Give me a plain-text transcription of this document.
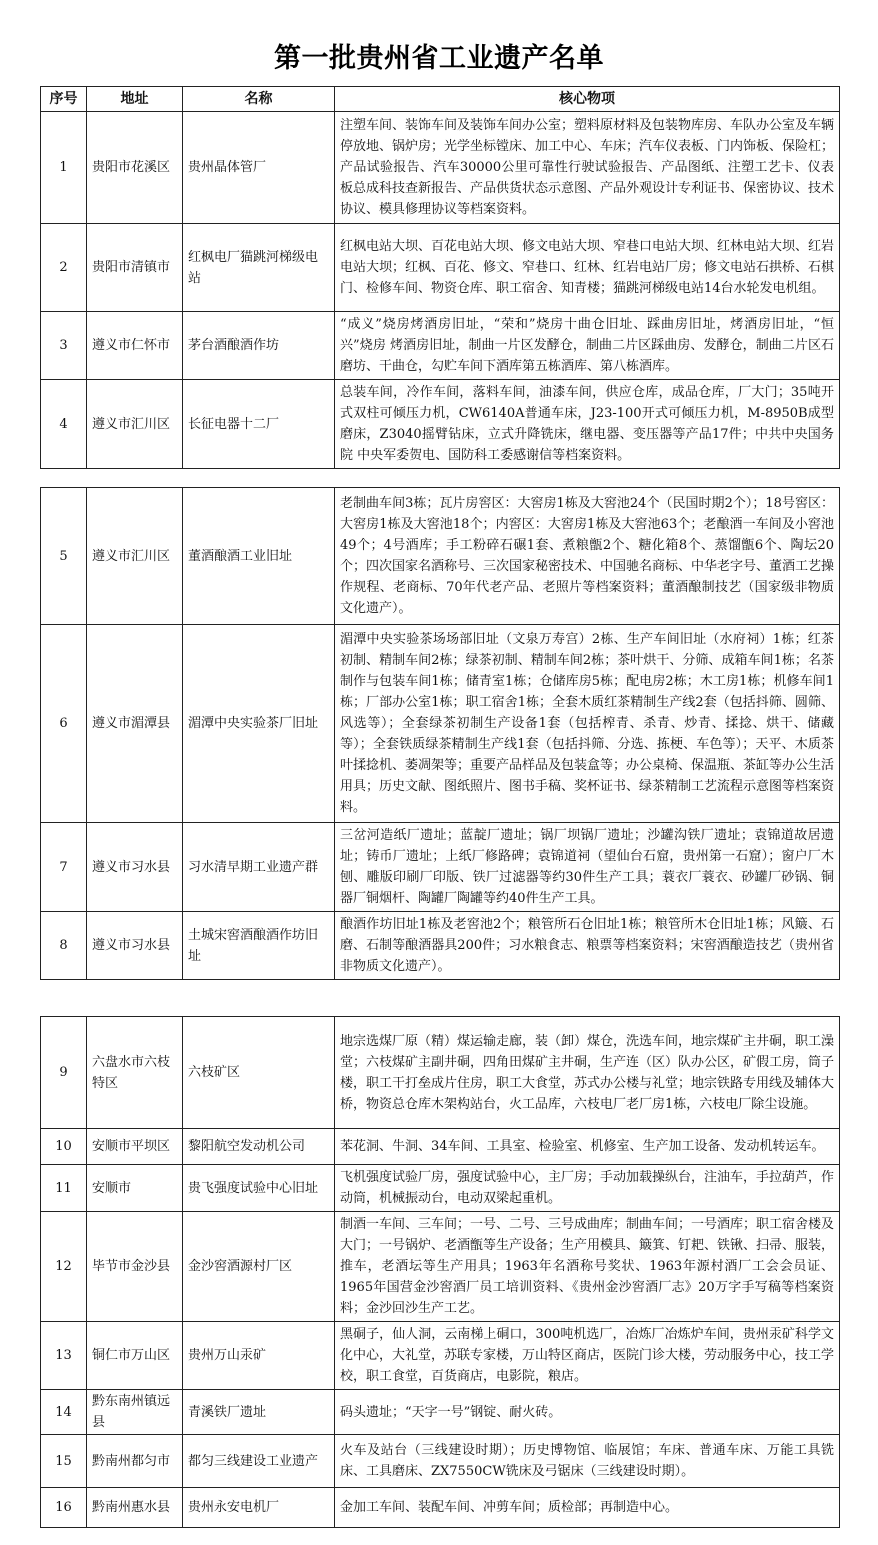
第一批贵州省工业遗产名单
序号	地址	名称	核心物项
1	贵阳市花溪区	贵州晶体管厂	注塑车间、装饰车间及装饰车间办公室；塑料原材料及包装物库房、车队办公室及车辆停放地、锅炉房；光学坐标镗床、加工中心、车床；汽车仪表板、门内饰板、保险杠；产品试验报告、汽车30000公里可靠性行驶试验报告、产品图纸、注塑工艺卡、仪表板总成科技查新报告、产品供货状态示意图、产品外观设计专利证书、保密协议、技术协议、模具修理协议等档案资料。
2	贵阳市清镇市	红枫电厂猫跳河梯级电站	红枫电站大坝、百花电站大坝、修文电站大坝、窄巷口电站大坝、红林电站大坝、红岩电站大坝；红枫、百花、修文、窄巷口、红林、红岩电站厂房；修文电站石拱桥、石棋门、检修车间、物资仓库、职工宿舍、知青楼；猫跳河梯级电站14台水轮发电机组。
3	遵义市仁怀市	茅台酒酿酒作坊	“成义”烧房烤酒房旧址，“荣和”烧房十曲仓旧址、踩曲房旧址，烤酒房旧址，“恒兴”烧房 烤酒房旧址，制曲一片区发酵仓，制曲二片区踩曲房、发酵仓，制曲二片区石磨坊、干曲仓，勾贮车间下酒库第五栋酒库、第八栋酒库。
4	遵义市汇川区	长征电器十二厂	总装车间，冷作车间，落料车间，油漆车间，供应仓库，成品仓库，厂大门；35吨开式双柱可倾压力机，CW6140A普通车床，J23-100开式可倾压力机，M-8950B成型磨床，Z3040摇臂钻床，立式升降铣床，继电器、变压器等产品17件；中共中央国务院 中央军委贺电、国防科工委感谢信等档案资料。
5	遵义市汇川区	董酒酿酒工业旧址	老制曲车间3栋；瓦片房窖区：大窖房1栋及大窖池24个（民国时期2个）；18号窖区：大窖房1栋及大窖池18个；内窖区：大窖房1栋及大窖池63个；老酿酒一车间及小窖池49个；4号酒库；手工粉碎石碾1套、煮粮甑2个、糖化箱8个、蒸馏甑6个、陶坛20个；四次国家名酒称号、三次国家秘密技术、中国驰名商标、中华老字号、董酒工艺操作规程、老商标、70年代老产品、老照片等档案资料；董酒酿制技艺（国家级非物质文化遗产）。
6	遵义市湄潭县	湄潭中央实验茶厂旧址	湄潭中央实验茶场场部旧址（文泉万寿宫）2栋、生产车间旧址（水府祠）1栋；红茶初制、精制车间2栋；绿茶初制、精制车间2栋；茶叶烘干、分筛、成箱车间1栋；名茶制作与包装车间1栋；储青室1栋；仓储库房5栋；配电房2栋；木工房1栋；机修车间1栋；厂部办公室1栋；职工宿舍1栋；全套木质红茶精制生产线2套（包括抖筛、圆筛、风选等）；全套绿茶初制生产设备1套（包括榨青、杀青、炒青、揉捻、烘干、储藏等）；全套铁质绿茶精制生产线1套（包括抖筛、分选、拣梗、车色等）；天平、木质茶叶揉捻机、萎凋架等；重要产品样品及包装盒等；办公桌椅、保温瓶、茶缸等办公生活用具；历史文献、图纸照片、图书手稿、奖杯证书、绿茶精制工艺流程示意图等档案资料。
7	遵义市习水县	习水清早期工业遗产群	三岔河造纸厂遗址；蓝靛厂遗址；锅厂坝锅厂遗址；沙罐沟铁厂遗址；袁锦道故居遗址；铸币厂遗址；上纸厂修路碑；袁锦道祠（望仙台石窟，贵州第一石窟）；窗户厂木刨、雕版印刷厂印版、铁厂过滤器等约30件生产工具；蓑衣厂蓑衣、砂罐厂砂锅、铜器厂铜烟杆、陶罐厂陶罐等约40件生产工具。
8	遵义市习水县	土城宋窖酒酿酒作坊旧址	酿酒作坊旧址1栋及老窖池2个；粮管所石仓旧址1栋；粮管所木仓旧址1栋；风簸、石磨、石制等酿酒器具200件；习水粮食志、粮票等档案资料；宋窖酒酿造技艺（贵州省非物质文化遗产）。
9	六盘水市六枝特区	六枝矿区	地宗选煤厂原（精）煤运输走廊，装（卸）煤仓，洗选车间，地宗煤矿主井硐，职工澡堂；六枝煤矿主副井硐，四角田煤矿主井硐，生产连（区）队办公区，矿假工房，筒子楼，职工干打垒成片住房，职工大食堂，苏式办公楼与礼堂；地宗铁路专用线及辅体大桥，物资总仓库木架构站台，火工品库，六枝电厂老厂房1栋，六枝电厂除尘设施。
10	安顺市平坝区	黎阳航空发动机公司	苯花洞、牛洞、34车间、工具室、检验室、机修室、生产加工设备、发动机转运车。
11	安顺市	贵飞强度试验中心旧址	飞机强度试验厂房，强度试验中心，主厂房；手动加载操纵台，注油车，手拉葫芦，作动筒，机械振动台，电动双梁起重机。
12	毕节市金沙县	金沙窖酒源村厂区	制酒一车间、三车间；一号、二号、三号成曲库；制曲车间；一号酒库；职工宿舍楼及大门；一号锅炉、老酒甑等生产设备；生产用模具、簸箕、钉耙、铁锹、扫帚、服装，推车，老酒坛等生产用具；1963年名酒称号奖状、1963年源村酒厂工会会员证、1965年国营金沙窖酒厂员工培训资料、《贵州金沙窖酒厂志》20万字手写稿等档案资料；金沙回沙生产工艺。
13	铜仁市万山区	贵州万山汞矿	黑硐子，仙人洞，云南梯上硐口，300吨机选厂，冶炼厂冶炼炉车间，贵州汞矿科学文化中心，大礼堂，苏联专家楼，万山特区商店，医院门诊大楼，劳动服务中心，技工学校，职工食堂，百货商店，电影院，粮店。
14	黔东南州镇远县	青溪铁厂遗址	码头遗址；“天字一号”钢锭、耐火砖。
15	黔南州都匀市	都匀三线建设工业遗产	火车及站台（三线建设时期）；历史博物馆、临展馆；车床、普通车床、万能工具铣床、工具磨床、ZX7550CW铣床及弓锯床（三线建设时期）。
16	黔南州惠水县	贵州永安电机厂	金加工车间、装配车间、冲剪车间；质检部；再制造中心。
